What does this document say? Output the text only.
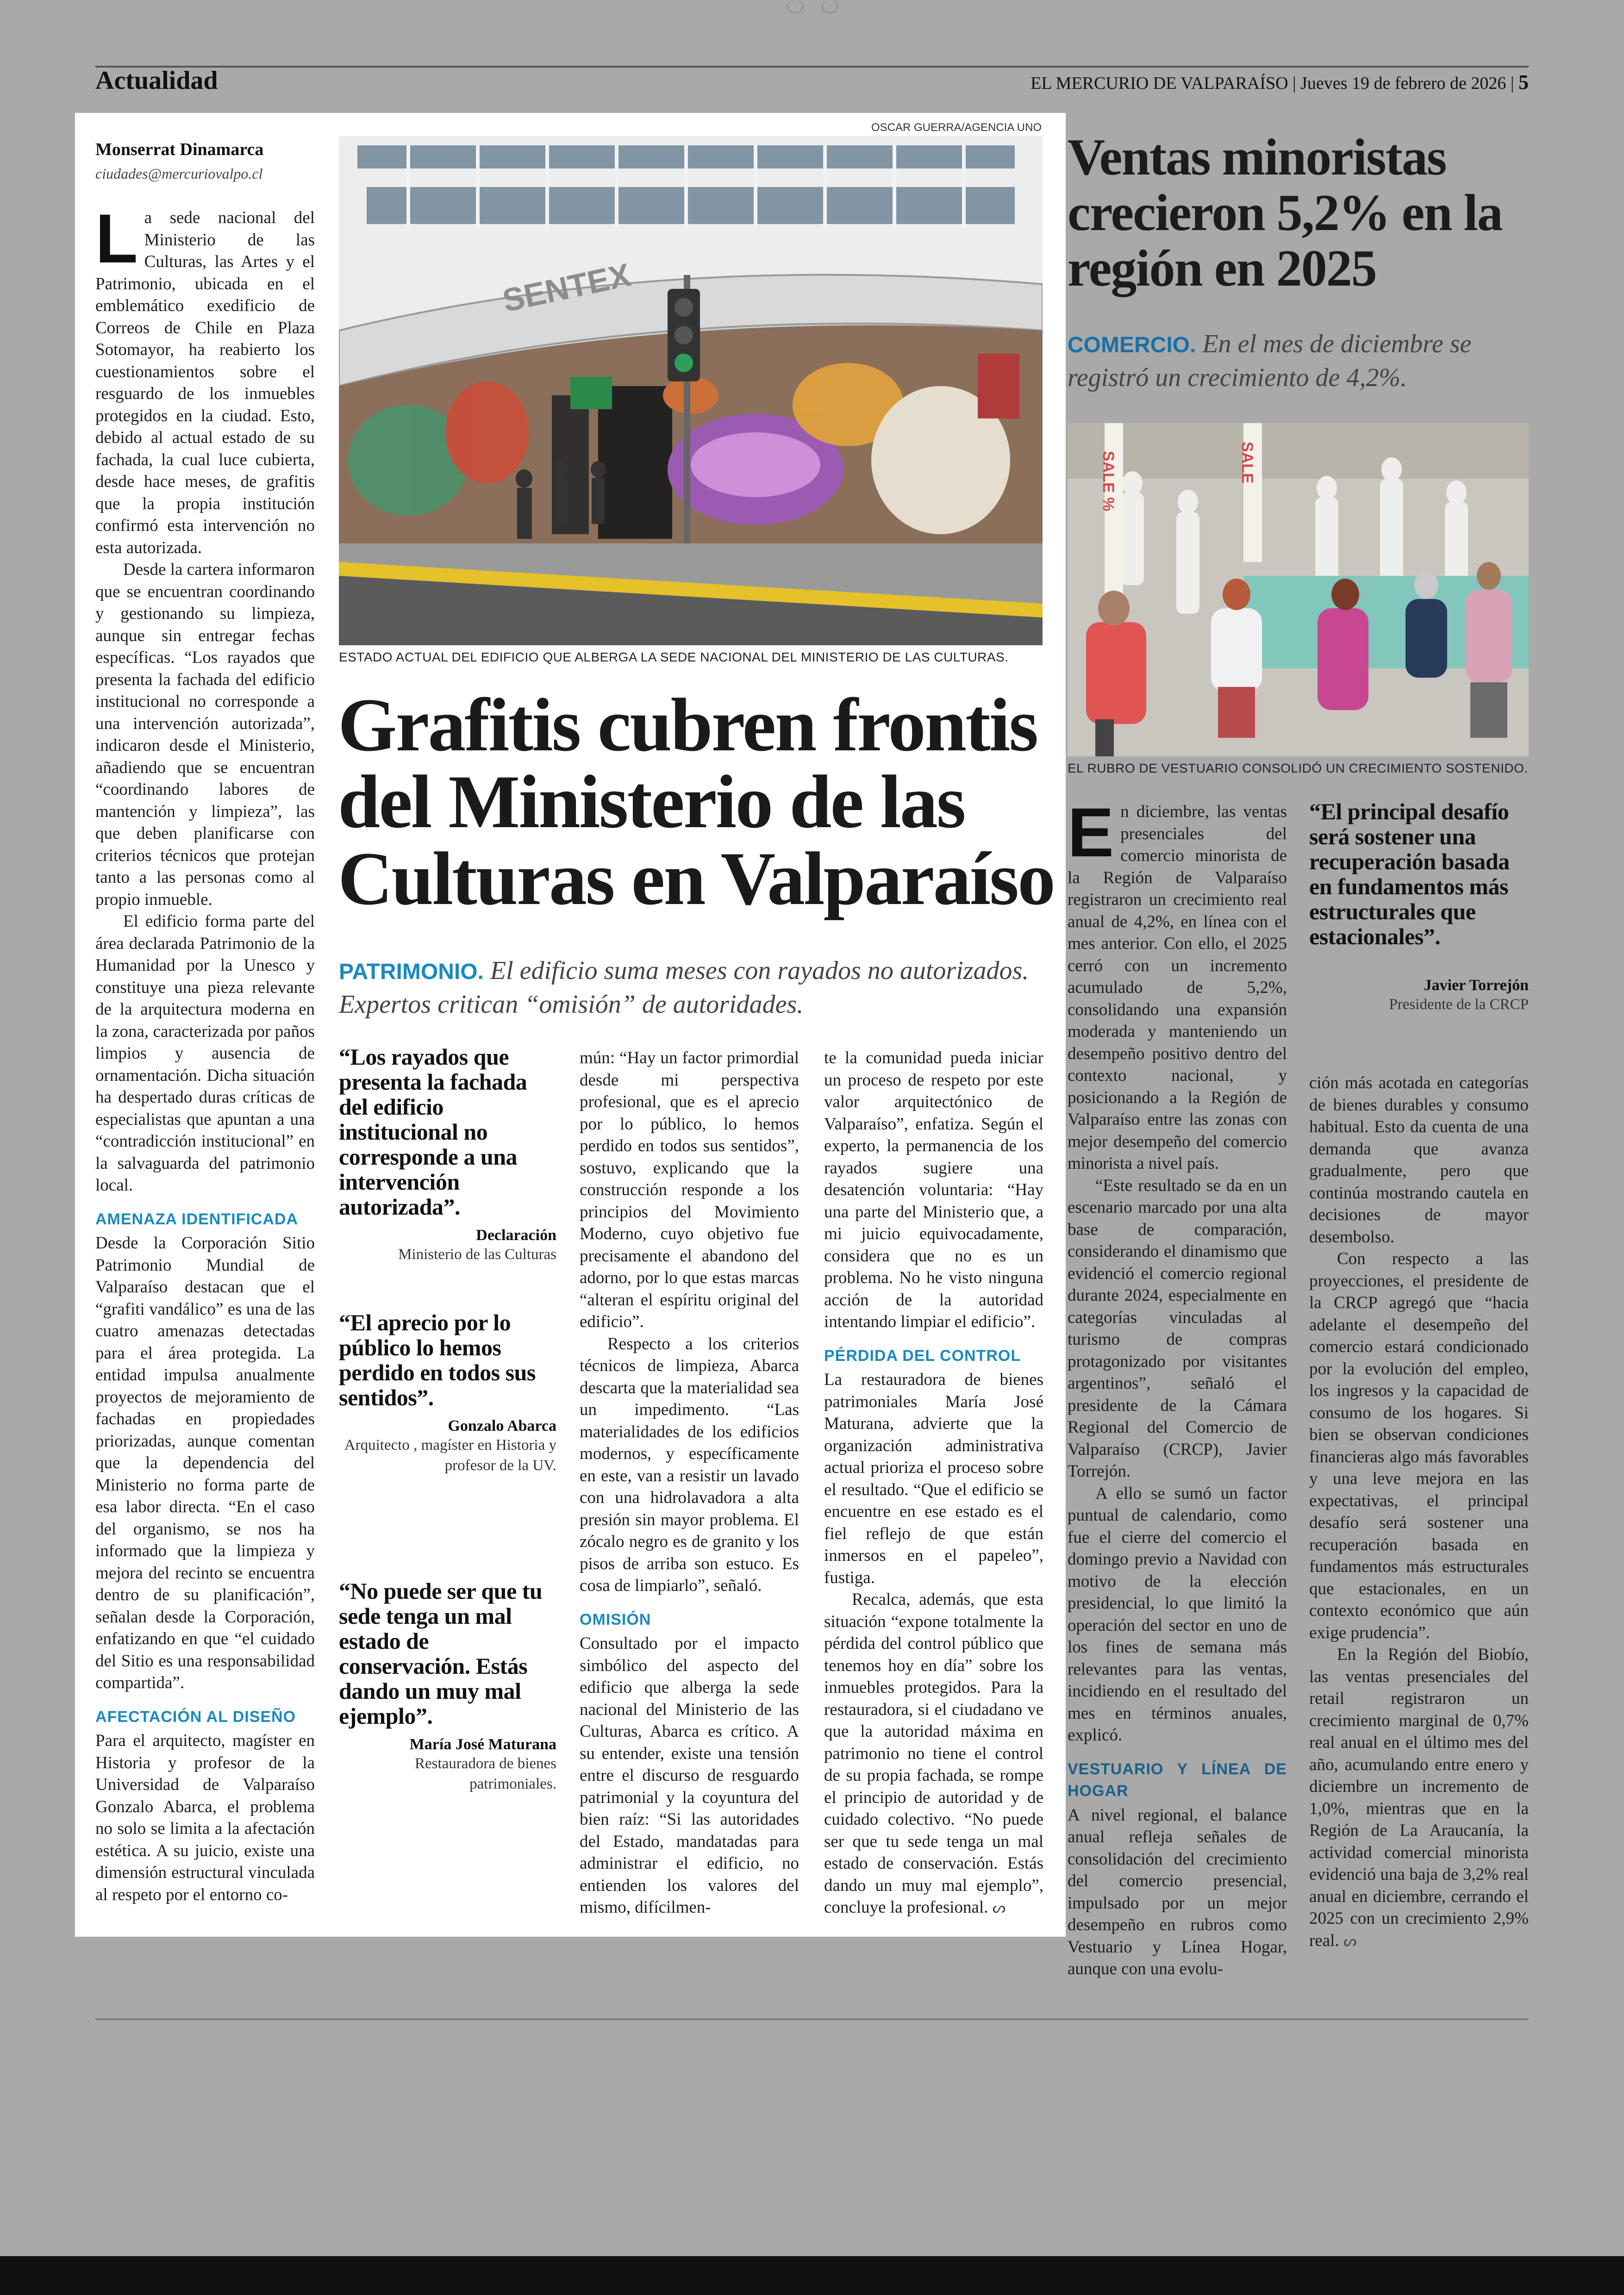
Actualidad	EL MERCURIO DE VALPARAÍSO | Jueves 19 de febrero de 2026 | 5
Monserrat Dinamarca
ciudades@mercuriovalpo.cl

La sede nacional del Ministerio de las Culturas, las Artes y el Patrimonio, ubicada en el emblemático exedificio de Correos de Chile en Plaza Sotomayor, ha reabierto los cuestionamientos sobre el resguardo de los inmuebles protegidos en la ciudad. Esto, debido al actual estado de su fachada, la cual luce cubierta, desde hace meses, de grafitis que la propia institución confirmó esta intervención no esta autorizada.

Desde la cartera informaron que se encuentran coordinando y gestionando su limpieza, aunque sin entregar fechas específicas. “Los rayados que presenta la fachada del edificio institucional no corresponde a una intervención autorizada”, indicaron desde el Ministerio, añadiendo que se encuentran “coordinando labores de mantención y limpieza”, las que deben planificarse con criterios técnicos que protejan tanto a las personas como al propio inmueble.

El edificio forma parte del área declarada Patrimonio de la Humanidad por la Unesco y constituye una pieza relevante de la arquitectura moderna en la zona, caracterizada por paños limpios y ausencia de ornamentación. Dicha situación ha despertado duras críticas de especialistas que apuntan a una “contradicción institucional” en la salvaguarda del patrimonio local.

AMENAZA IDENTIFICADA

Desde la Corporación Sitio Patrimonio Mundial de Valparaíso destacan que el “grafiti vandálico” es una de las cuatro amenazas detectadas para el área protegida. La entidad impulsa anualmente proyectos de mejoramiento de fachadas en propiedades priorizadas, aunque comentan que la dependencia del Ministerio no forma parte de esa labor directa. “En el caso del organismo, se nos ha informado que la limpieza y mejora del recinto se encuentra dentro de su planificación”, señalan desde la Corporación, enfatizando en que “el cuidado del Sitio es una responsabilidad compartida”.

AFECTACIÓN AL DISEÑO

Para el arquitecto, magíster en Historia y profesor de la Universidad de Valparaíso Gonzalo Abarca, el problema no solo se limita a la afectación estética. A su juicio, existe una dimensión estructural vinculada al respeto por el entorno co-

OSCAR GUERRA/AGENCIA UNO
SENTEX
ESTADO ACTUAL DEL EDIFICIO QUE ALBERGA LA SEDE NACIONAL DEL MINISTERIO DE LAS CULTURAS.
Grafitis cubren frontis del Ministerio de las Culturas en Valparaíso
PATRIMONIO. El edificio suma meses con rayados no autorizados. Expertos critican “omisión” de autoridades.
“Los rayados que presenta la fachada del edificio institucional no corresponde a una intervención autorizada”.
Declaración
Ministerio de las Culturas
“El aprecio por lo público lo hemos perdido en todos sus sentidos”.
Gonzalo Abarca
Arquitecto , magíster en Historia y profesor de la UV.
“No puede ser que tu sede tenga un mal estado de conservación. Estás dando un muy mal ejemplo”.
María José Maturana
Restauradora de bienes patrimoniales.

mún: “Hay un factor primordial desde mi perspectiva profesional, que es el aprecio por lo público, lo hemos perdido en todos sus sentidos”, sostuvo, explicando que la construcción responde a los principios del Movimiento Moderno, cuyo objetivo fue precisamente el abandono del adorno, por lo que estas marcas “alteran el espíritu original del edificio”.

Respecto a los criterios técnicos de limpieza, Abarca descarta que la materialidad sea un impedimento. “Las materialidades de los edificios modernos, y específicamente en este, van a resistir un lavado con una hidrolavadora a alta presión sin mayor problema. El zócalo negro es de granito y los pisos de arriba son estuco. Es cosa de limpiarlo”, señaló.

OMISIÓN

Consultado por el impacto simbólico del aspecto del edificio que alberga la sede nacional del Ministerio de las Culturas, Abarca es crítico. A su entender, existe una tensión entre el discurso de resguardo patrimonial y la coyuntura del bien raíz: “Si las autoridades del Estado, mandatadas para administrar el edificio, no entienden los valores del mismo, difícilmen-

te la comunidad pueda iniciar un proceso de respeto por este valor arquitectónico de Valparaíso”, enfatiza. Según el experto, la permanencia de los rayados sugiere una desatención voluntaria: “Hay una parte del Ministerio que, a mi juicio equivocadamente, considera que no es un problema. No he visto ninguna acción de la autoridad intentando limpiar el edificio”.

PÉRDIDA DEL CONTROL

La restauradora de bienes patrimoniales María José Maturana, advierte que la organización administrativa actual prioriza el proceso sobre el resultado. “Que el edificio se encuentre en ese estado es el fiel reflejo de que están inmersos en el papeleo”, fustiga.

Recalca, además, que esta situación “expone totalmente la pérdida del control público que tenemos hoy en día” sobre los inmuebles protegidos. Para la restauradora, si el ciudadano ve que la autoridad máxima en patrimonio no tiene el control de su propia fachada, se rompe el principio de autoridad y de cuidado colectivo. “No puede ser que tu sede tenga un mal estado de conservación. Estás dando un muy mal ejemplo”, concluye la profesional. ᔕ

Ventas minoristas crecieron 5,2% en la región en 2025
COMERCIO. En el mes de diciembre se registró un crecimiento de 4,2%.
SALE %	SALE
EL RUBRO DE VESTUARIO CONSOLIDÓ UN CRECIMIENTO SOSTENIDO.

En diciembre, las ventas presenciales del comercio minorista de la Región de Valparaíso registraron un crecimiento real anual de 4,2%, en línea con el mes anterior. Con ello, el 2025 cerró con un incremento acumulado de 5,2%, consolidando una expansión moderada y manteniendo un desempeño positivo dentro del contexto nacional, y posicionando a la Región de Valparaíso entre las zonas con mejor desempeño del comercio minorista a nivel país.

“Este resultado se da en un escenario marcado por una alta base de comparación, considerando el dinamismo que evidenció el comercio regional durante 2024, especialmente en categorías vinculadas al turismo de compras protagonizado por visitantes argentinos”, señaló el presidente de la Cámara Regional del Comercio de Valparaíso (CRCP), Javier Torrejón.

A ello se sumó un factor puntual de calendario, como fue el cierre del comercio el domingo previo a Navidad con motivo de la elección presidencial, lo que limitó la operación del sector en uno de los fines de semana más relevantes para las ventas, incidiendo en el resultado del mes en términos anuales, explicó.

VESTUARIO Y LÍNEA DE HOGAR

A nivel regional, el balance anual refleja señales de consolidación del crecimiento del comercio presencial, impulsado por un mejor desempeño en rubros como Vestuario y Línea Hogar, aunque con una evolu-

“El principal desafío será sostener una recuperación basada en fundamentos más estructurales que estacionales”.
Javier Torrejón
Presidente de la CRCP

ción más acotada en categorías de bienes durables y consumo habitual. Esto da cuenta de una demanda que avanza gradualmente, pero que continúa mostrando cautela en decisiones de mayor desembolso.

Con respecto a las proyecciones, el presidente de la CRCP agregó que “hacia adelante el desempeño del comercio estará condicionado por la evolución del empleo, los ingresos y la capacidad de consumo de los hogares. Si bien se observan condiciones financieras algo más favorables y una leve mejora en las expectativas, el principal desafío será sostener una recuperación basada en fundamentos más estructurales que estacionales, en un contexto económico que aún exige prudencia”.

En la Región del Biobío, las ventas presenciales del retail registraron un crecimiento marginal de 0,7% real anual en el último mes del año, acumulando entre enero y diciembre un incremento de 1,0%, mientras que en la Región de La Araucanía, la actividad comercial minorista evidenció una baja de 3,2% real anual en diciembre, cerrando el 2025 con un crecimiento 2,9% real. ᔕ
